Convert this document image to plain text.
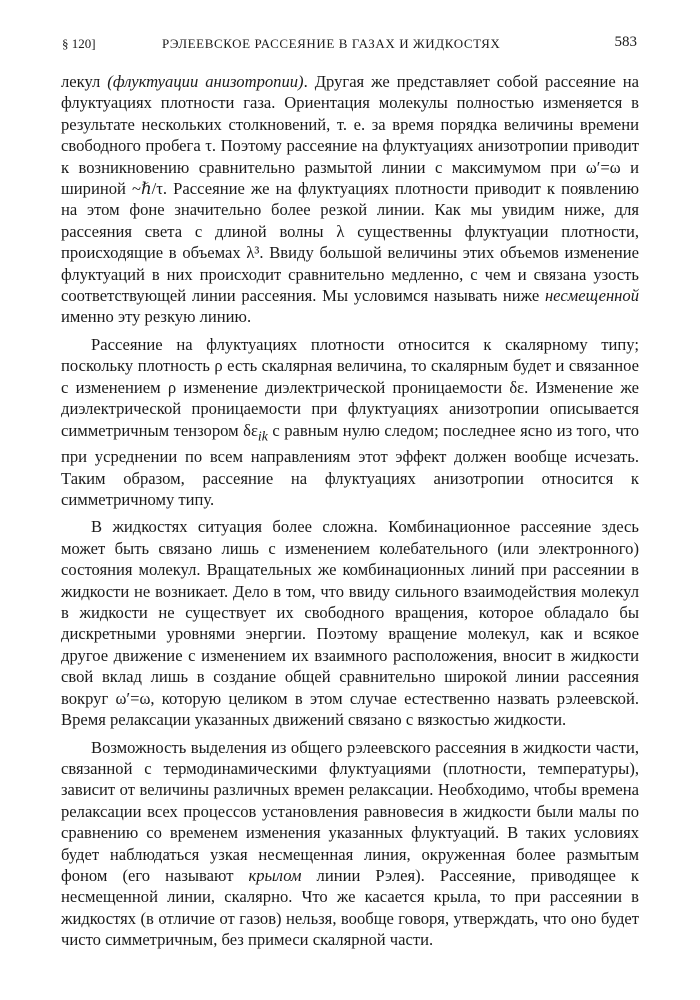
§ 120]	РЭЛЕЕВСКОЕ РАССЕЯНИЕ В ГАЗАХ И ЖИДКОСТЯХ	583

лекул (флуктуации анизотропии). Другая же представляет собой рассеяние на флуктуациях плотности газа. Ориентация молекулы полностью изменяется в результате нескольких столкновений, т. е. за время порядка величины времени свободного пробега τ. Поэтому рассеяние на флуктуациях анизотропии приводит к возникновению сравнительно размытой линии с максимумом при ω′=ω и шириной ~ℏ/τ. Рассеяние же на флуктуациях плотности приводит к появлению на этом фоне значительно более резкой линии. Как мы увидим ниже, для рассеяния света с длиной волны λ существенны флуктуации плотности, происходящие в объемах λ³. Ввиду большой величины этих объемов изменение флуктуаций в них происходит сравнительно медленно, с чем и связана узость соответствующей линии рассеяния. Мы условимся называть ниже несмещенной именно эту резкую линию.

Рассеяние на флуктуациях плотности относится к скалярному типу; поскольку плотность ρ есть скалярная величина, то скалярным будет и связанное с изменением ρ изменение диэлектрической проницаемости δε. Изменение же диэлектрической проницаемости при флуктуациях анизотропии описывается симметричным тензором $\delta\varepsilon_{ik}$ с равным нулю следом; последнее ясно из того, что при усреднении по всем направлениям этот эффект должен вообще исчезать. Таким образом, рассеяние на флуктуациях анизотропии относится к симметричному типу.

В жидкостях ситуация более сложна. Комбинационное рассеяние здесь может быть связано лишь с изменением колебательного (или электронного) состояния молекул. Вращательных же комбинационных линий при рассеянии в жидкости не возникает. Дело в том, что ввиду сильного взаимодействия молекул в жидкости не существует их свободного вращения, которое обладало бы дискретными уровнями энергии. Поэтому вращение молекул, как и всякое другое движение с изменением их взаимного расположения, вносит в жидкости свой вклад лишь в создание общей сравнительно широкой линии рассеяния вокруг ω′=ω, которую целиком в этом случае естественно назвать рэлеевской. Время релаксации указанных движений связано с вязкостью жидкости.

Возможность выделения из общего рэлеевского рассеяния в жидкости части, связанной с термодинамическими флуктуациями (плотности, температуры), зависит от величины различных времен релаксации. Необходимо, чтобы времена релаксации всех процессов установления равновесия в жидкости были малы по сравнению со временем изменения указанных флуктуаций. В таких условиях будет наблюдаться узкая несмещенная линия, окруженная более размытым фоном (его называют крылом линии Рэлея). Рассеяние, приводящее к несмещенной линии, скалярно. Что же касается крыла, то при рассеянии в жидкостях (в отличие от газов) нельзя, вообще говоря, утверждать, что оно будет чисто симметричным, без примеси скалярной части.
